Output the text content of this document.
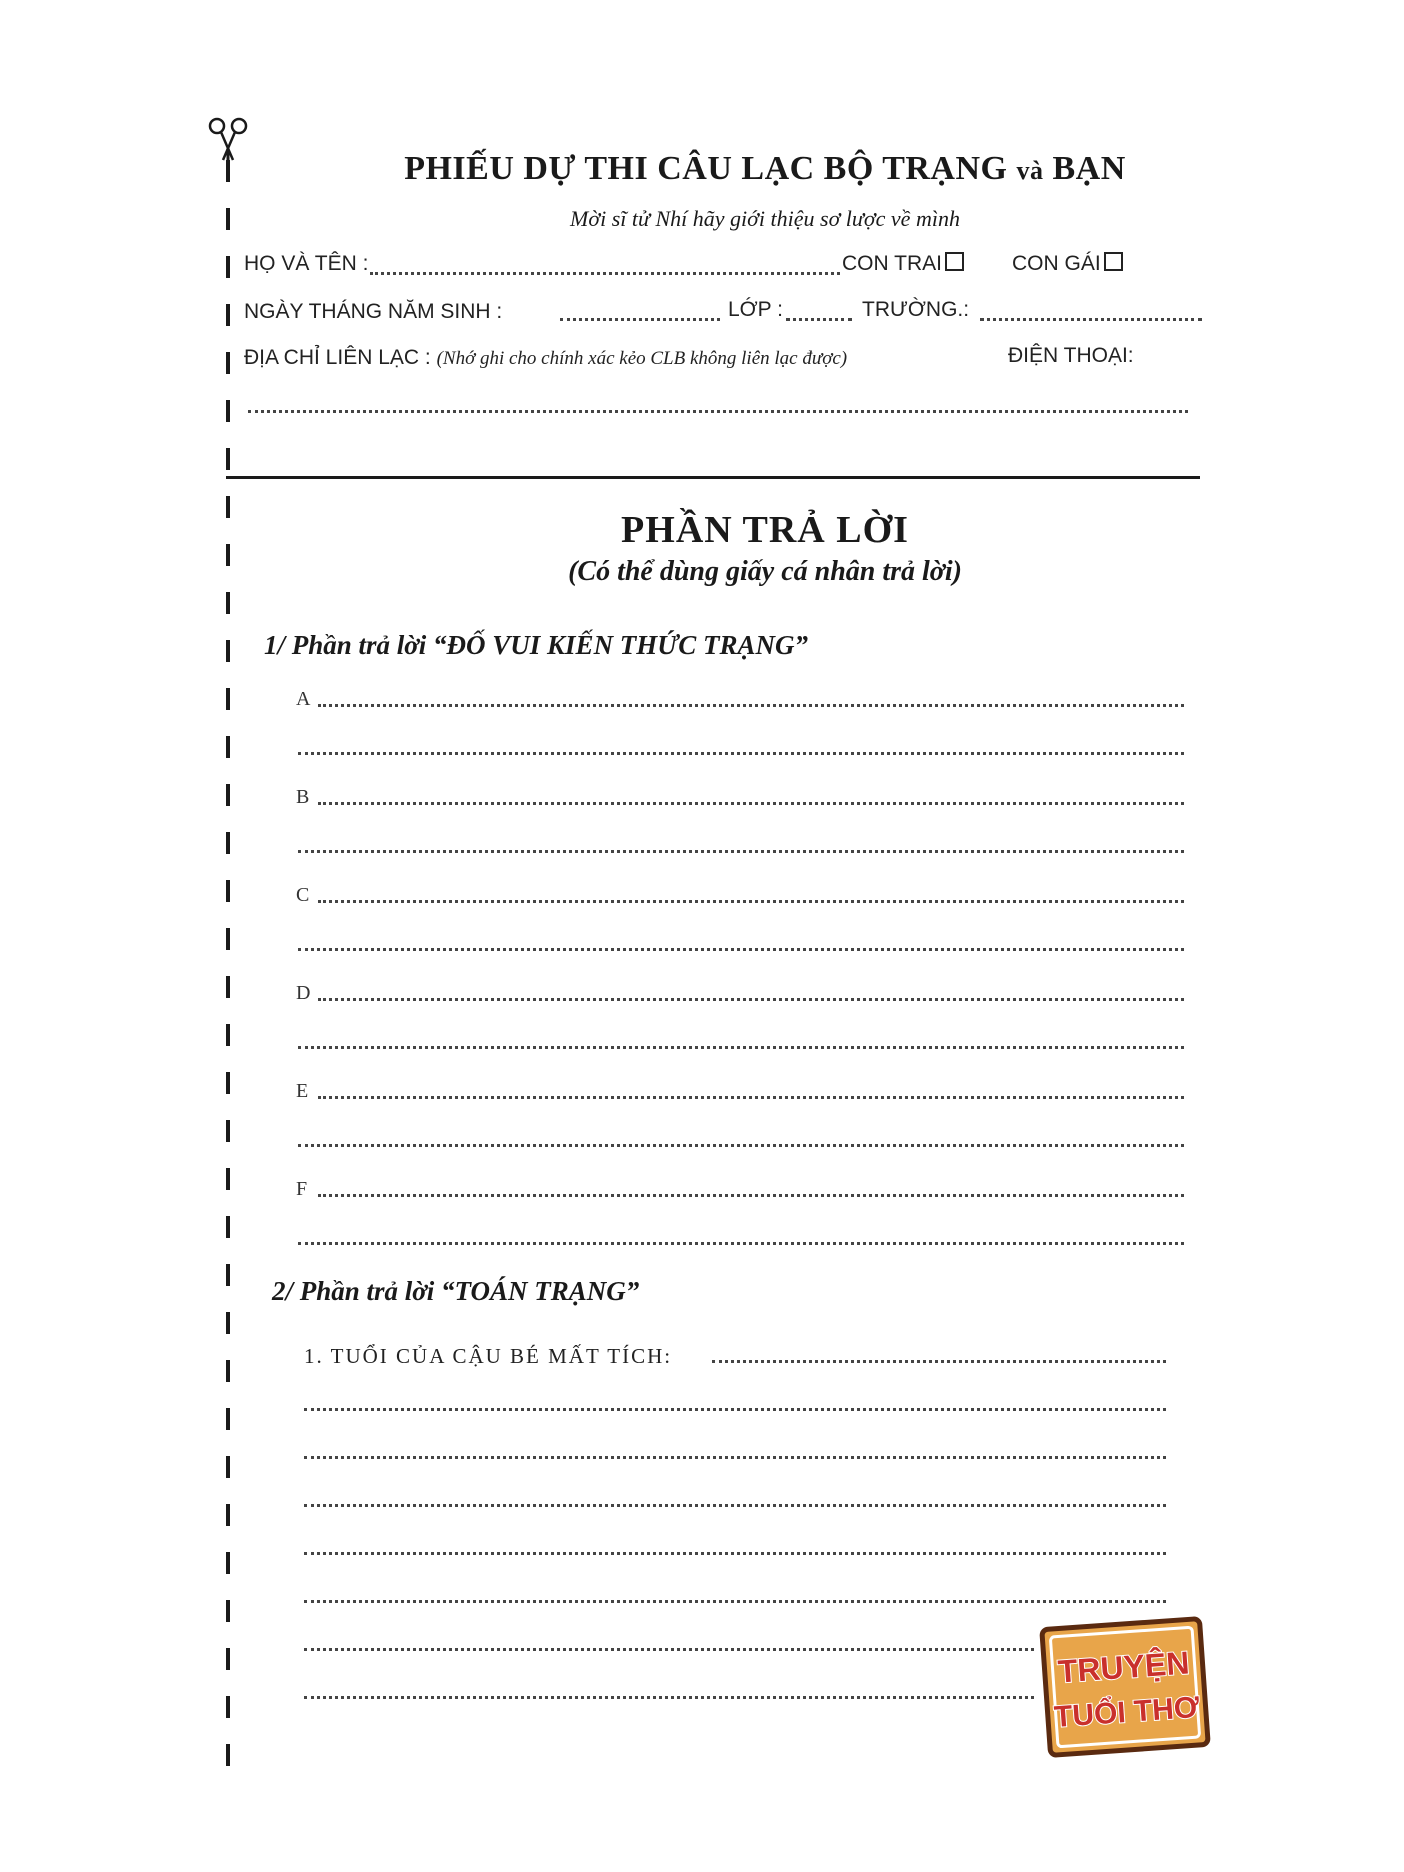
PHIẾU DỰ THI CÂU LẠC BỘ TRẠNG và BẠN
Mời sĩ tử Nhí hãy giới thiệu sơ lược về mình
HỌ VÀ TÊN :	CON TRAI	CON GÁI
NGÀY THÁNG NĂM SINH :	LỚP :	TRƯỜNG.:
ĐỊA CHỈ LIÊN LẠC : (Nhớ ghi cho chính xác kẻo CLB không liên lạc được)	ĐIỆN THOẠI:
PHẦN TRẢ LỜI
(Có thể dùng giấy cá nhân trả lời)
1/ Phần trả lời “ĐỐ VUI KIẾN THỨC TRẠNG”
A
B
C
D
E
F
2/ Phần trả lời “TOÁN TRẠNG”
1. TUỔI CỦA CẬU BÉ MẤT TÍCH:
TRUYỆN
TUỔI THƠ
